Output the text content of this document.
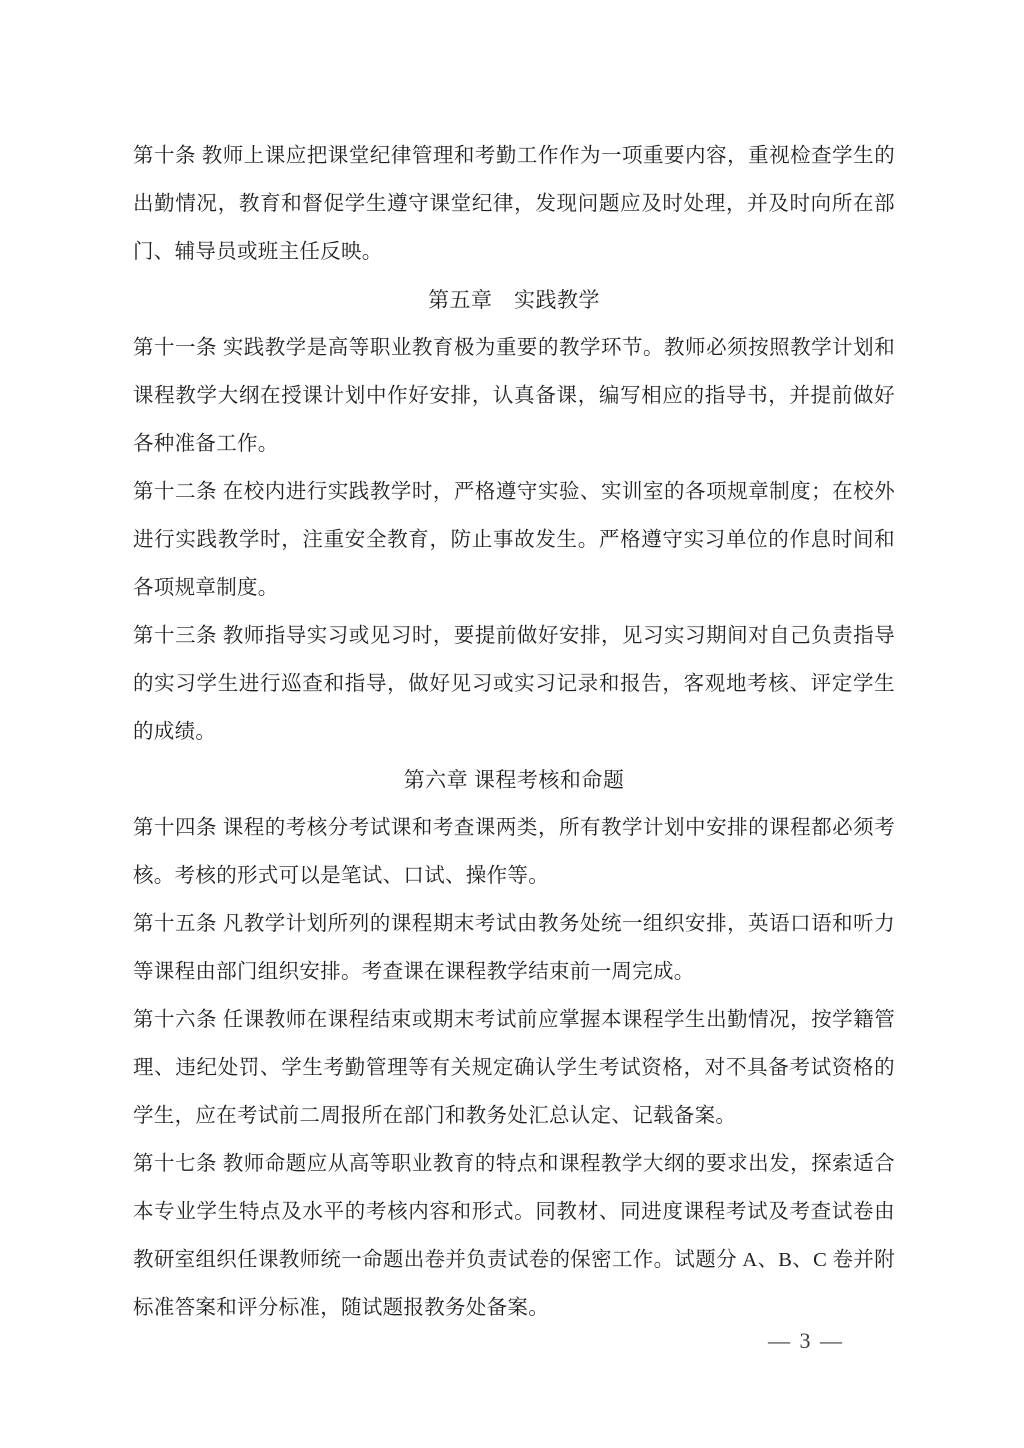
第十条 教师上课应把课堂纪律管理和考勤工作作为一项重要内容，重视检查学生的出勤情况，教育和督促学生遵守课堂纪律，发现问题应及时处理，并及时向所在部门、辅导员或班主任反映。

第五章　实践教学

第十一条 实践教学是高等职业教育极为重要的教学环节。教师必须按照教学计划和课程教学大纲在授课计划中作好安排，认真备课，编写相应的指导书，并提前做好各种准备工作。

第十二条 在校内进行实践教学时，严格遵守实验、实训室的各项规章制度；在校外进行实践教学时，注重安全教育，防止事故发生。严格遵守实习单位的作息时间和各项规章制度。

第十三条 教师指导实习或见习时，要提前做好安排，见习实习期间对自己负责指导的实习学生进行巡查和指导，做好见习或实习记录和报告，客观地考核、评定学生的成绩。

第六章 课程考核和命题

第十四条 课程的考核分考试课和考查课两类，所有教学计划中安排的课程都必须考核。考核的形式可以是笔试、口试、操作等。

第十五条 凡教学计划所列的课程期末考试由教务处统一组织安排，英语口语和听力等课程由部门组织安排。考查课在课程教学结束前一周完成。

第十六条 任课教师在课程结束或期末考试前应掌握本课程学生出勤情况，按学籍管理、违纪处罚、学生考勤管理等有关规定确认学生考试资格，对不具备考试资格的学生，应在考试前二周报所在部门和教务处汇总认定、记载备案。

第十七条 教师命题应从高等职业教育的特点和课程教学大纲的要求出发，探索适合本专业学生特点及水平的考核内容和形式。同教材、同进度课程考试及考查试卷由教研室组织任课教师统一命题出卷并负责试卷的保密工作。试题分 A、B、C 卷并附标准答案和评分标准，随试题报教务处备案。

— 3 —
